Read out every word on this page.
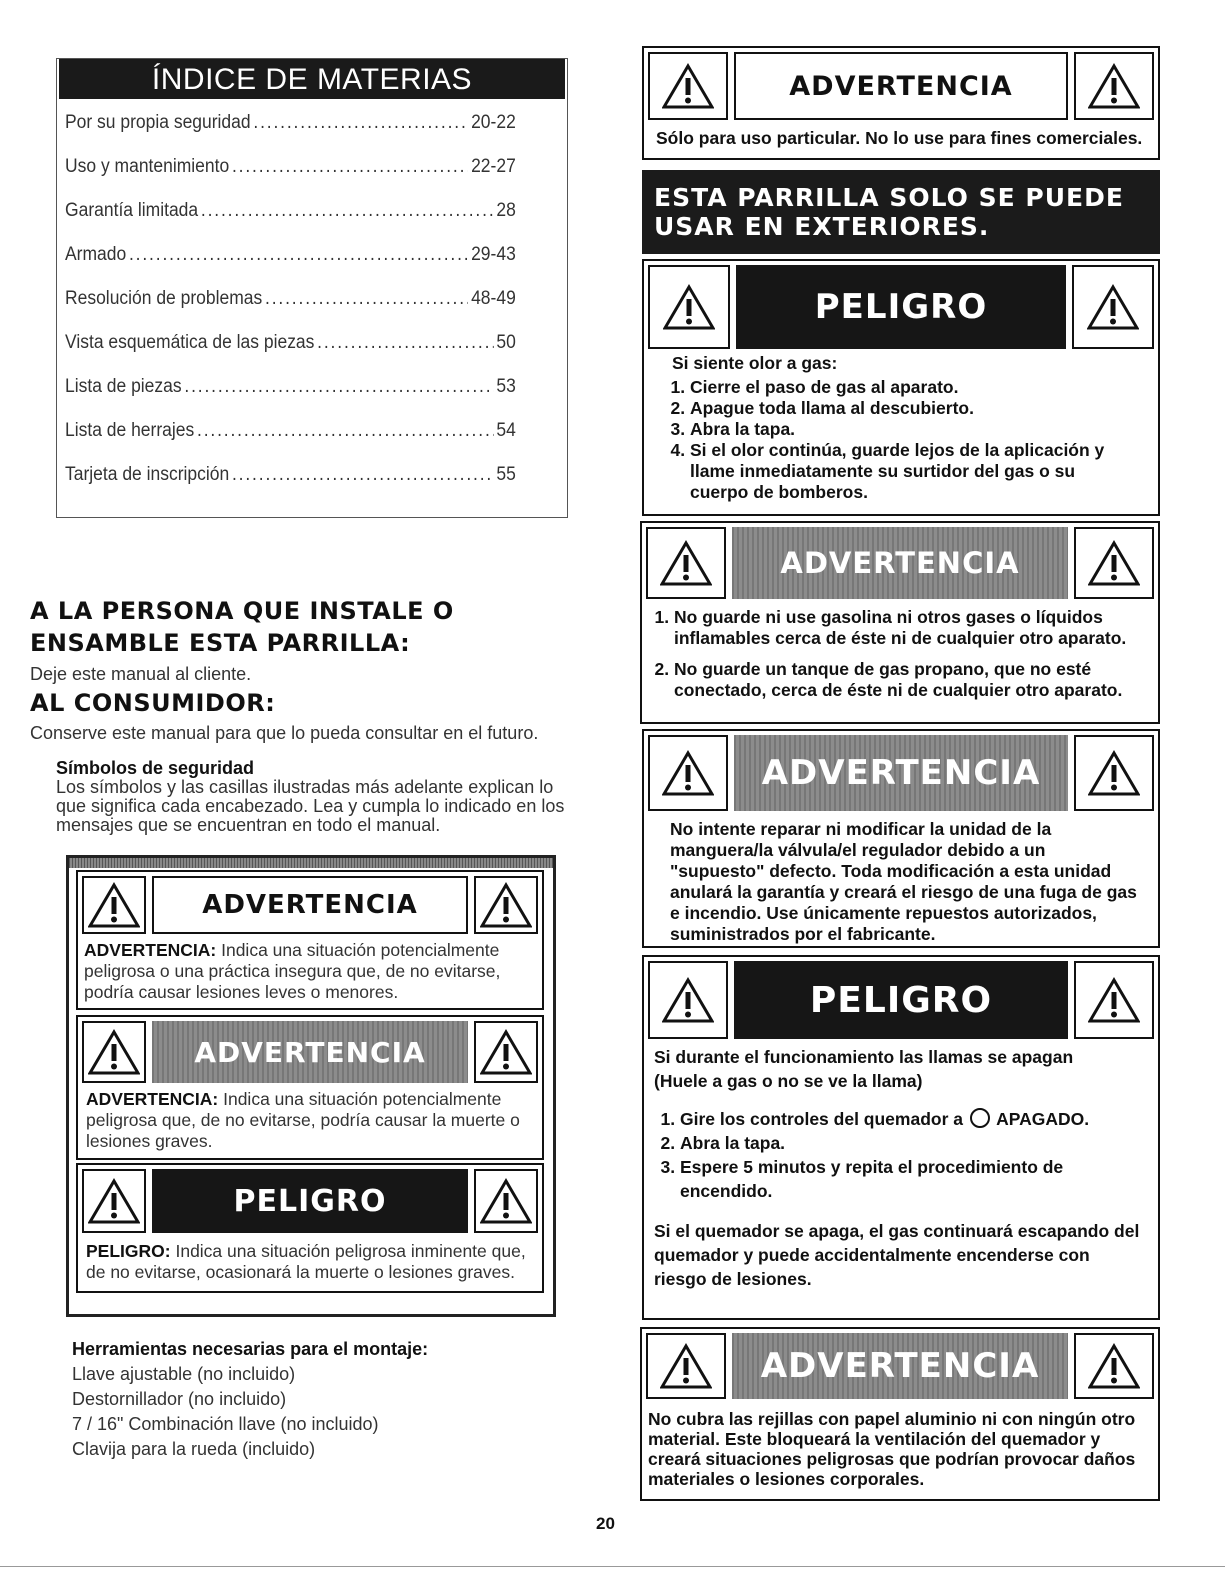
ÍNDICE DE MATERIAS
Por su propia seguridad .....	20-22
Uso y mantenimiento .....	22-27
Garantía limitada .....	28
Armado .....	29-43
Resolución de problemas .....	48-49
Vista esquemática de las piezas .....	50
Lista de piezas .....	53
Lista de herrajes .....	54
Tarjeta de inscripción .....	55
A LA PERSONA QUE INSTALE O
ENSAMBLE ESTA PARRILLA:
Deje este manual al cliente.
AL CONSUMIDOR:
Conserve este manual para que lo pueda consultar en el futuro.
Símbolos de seguridad
Los símbolos y las casillas ilustradas más adelante explican lo
que significa cada encabezado. Lea y cumpla lo indicado en los
mensajes que se encuentran en todo el manual.
ADVERTENCIA
ADVERTENCIA: Indica una situación potencialmente
peligrosa o una práctica insegura que, de no evitarse,
podría causar lesiones leves o menores.
ADVERTENCIA
ADVERTENCIA: Indica una situación potencialmente
peligrosa que, de no evitarse, podría causar la muerte o
lesiones graves.
PELIGRO
PELIGRO: Indica una situación peligrosa inminente que,
de no evitarse, ocasionará la muerte o lesiones graves.
Herramientas necesarias para el montaje:
Llave ajustable (no incluido)
Destornillador (no incluido)
7 / 16" Combinación llave (no incluido)
Clavija para la rueda (incluido)
ADVERTENCIA
Sólo para uso particular. No lo use para fines comerciales.
ESTA PARRILLA SOLO SE PUEDE
USAR EN EXTERIORES.
PELIGRO
Si siente olor a gas:
1. Cierre el paso de gas al aparato.
2. Apague toda llama al descubierto.
3. Abra la tapa.
4. Si el olor continúa, guarde lejos de la aplicación y llame inmediatamente su surtidor del gas o su cuerpo de bomberos.
ADVERTENCIA
1. No guarde ni use gasolina ni otros gases o líquidos inflamables cerca de éste ni de cualquier otro aparato.
2. No guarde un tanque de gas propano, que no esté conectado, cerca de éste ni de cualquier otro aparato.
ADVERTENCIA
No intente reparar ni modificar la unidad de la manguera/la válvula/el regulador debido a un "supuesto" defecto. Toda modificación a esta unidad anulará la garantía y creará el riesgo de una fuga de gas e incendio. Use únicamente repuestos autorizados, suministrados por el fabricante.
PELIGRO
Si durante el funcionamiento las llamas se apagan
(Huele a gas o no se ve la llama)
1. Gire los controles del quemador a APAGADO.
2. Abra la tapa.
3. Espere 5 minutos y repita el procedimiento de encendido.
Si el quemador se apaga, el gas continuará escapando del quemador y puede accidentalmente encenderse con riesgo de lesiones.
ADVERTENCIA
No cubra las rejillas con papel aluminio ni con ningún otro material. Este bloqueará la ventilación del quemador y creará situaciones peligrosas que podrían provocar daños materiales o lesiones corporales.
20
